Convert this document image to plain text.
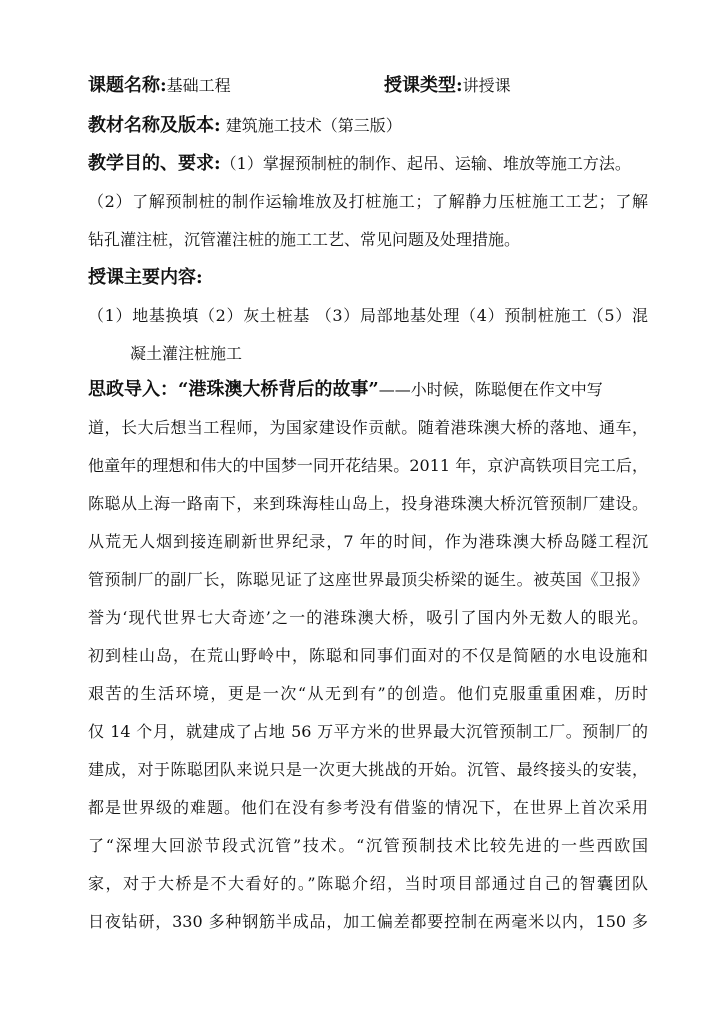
课题名称:基础工程	授课类型:讲授课
教材名称及版本: 建筑施工技术（第三版）
教学目的、要求:（1）掌握预制桩的制作、起吊、运输、堆放等施工方法。
（2）了解预制桩的制作运输堆放及打桩施工；了解静力压桩施工工艺；了解
钻孔灌注桩，沉管灌注桩的施工工艺、常见问题及处理措施。
授课主要内容:
（1）地基换填（2）灰土桩基 （3）局部地基处理（4）预制桩施工（5）混
凝土灌注桩施工
思政导入：“港珠澳大桥背后的故事”——小时候，陈聪便在作文中写
道，长大后想当工程师，为国家建设作贡献。随着港珠澳大桥的落地、通车，
他童年的理想和伟大的中国梦一同开花结果。2011 年，京沪高铁项目完工后，
陈聪从上海一路南下，来到珠海桂山岛上，投身港珠澳大桥沉管预制厂建设。
从荒无人烟到接连刷新世界纪录，7 年的时间，作为港珠澳大桥岛隧工程沉
管预制厂的副厂长，陈聪见证了这座世界最顶尖桥梁的诞生。被英国《卫报》
誉为‘现代世界七大奇迹’之一的港珠澳大桥，吸引了国内外无数人的眼光。
初到桂山岛，在荒山野岭中，陈聪和同事们面对的不仅是简陋的水电设施和
艰苦的生活环境，更是一次“从无到有”的创造。他们克服重重困难，历时
仅 14 个月，就建成了占地 56 万平方米的世界最大沉管预制工厂。预制厂的
建成，对于陈聪团队来说只是一次更大挑战的开始。沉管、最终接头的安装，
都是世界级的难题。他们在没有参考没有借鉴的情况下，在世界上首次采用
了“深埋大回淤节段式沉管”技术。“沉管预制技术比较先进的一些西欧国
家，对于大桥是不大看好的。”陈聪介绍，当时项目部通过自己的智囊团队
日夜钻研，330 多种钢筋半成品，加工偏差都要控制在两毫米以内，150 多
